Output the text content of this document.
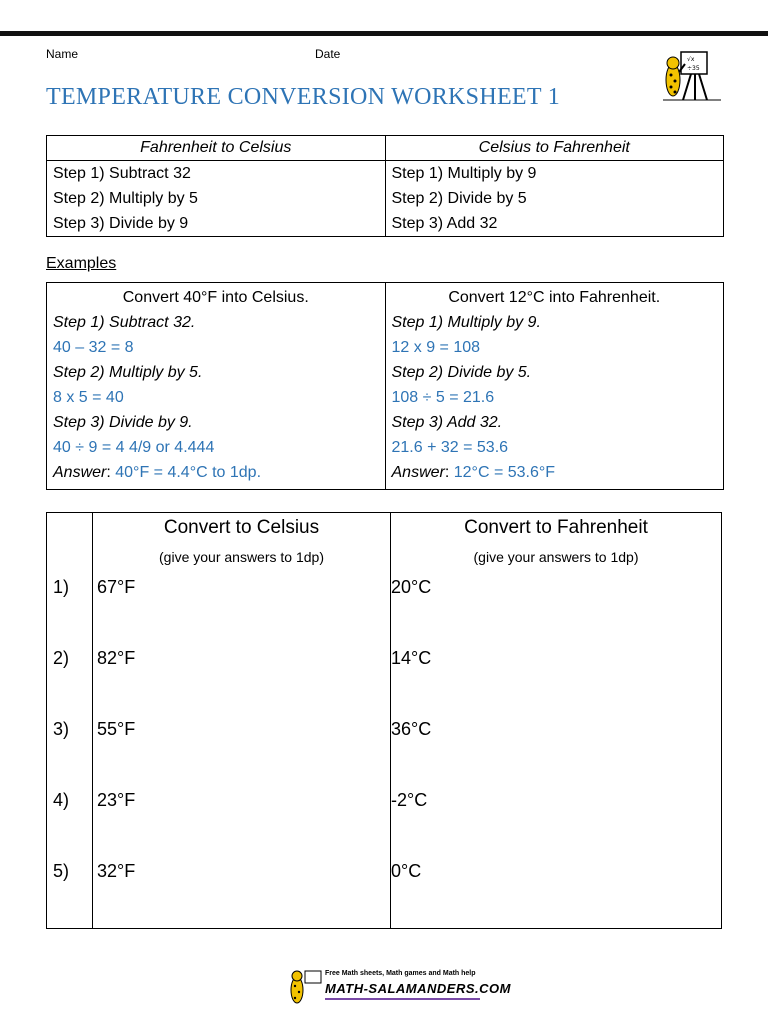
Name	Date
TEMPERATURE CONVERSION WORKSHEET 1
√x
÷35
Fahrenheit to Celsius	Celsius to Fahrenheit
Step 1) Subtract 32	Step 1) Multiply by 9
Step 2) Multiply by 5	Step 2) Divide by 5
Step 3) Divide by 9	Step 3) Add 32
Examples
Convert 40°F into Celsius.
Step 1) Subtract 32.
40 – 32 = 8
Step 2) Multiply by 5.
8 x 5 = 40
Step 3) Divide by 9.
40 ÷ 9 = 4 4/9 or 4.444
Answer: 40°F = 4.4°C to 1dp.

Convert 12°C into Fahrenheit.
Step 1) Multiply by 9.
12 x 9 = 108
Step 2) Divide by 5.
108 ÷ 5 = 21.6
Step 3) Add 32.
21.6 + 32 = 53.6
Answer: 12°C = 53.6°F

Convert to Celsius
(give your answers to 1dp)

Convert to Fahrenheit
(give your answers to 1dp)
1) 67°F	20°C
2) 82°F	14°C
3) 55°F	36°C
4) 23°F	-2°C
5) 32°F	0°C
Free Math sheets, Math games and Math help
MATH-SALAMANDERS.COM
